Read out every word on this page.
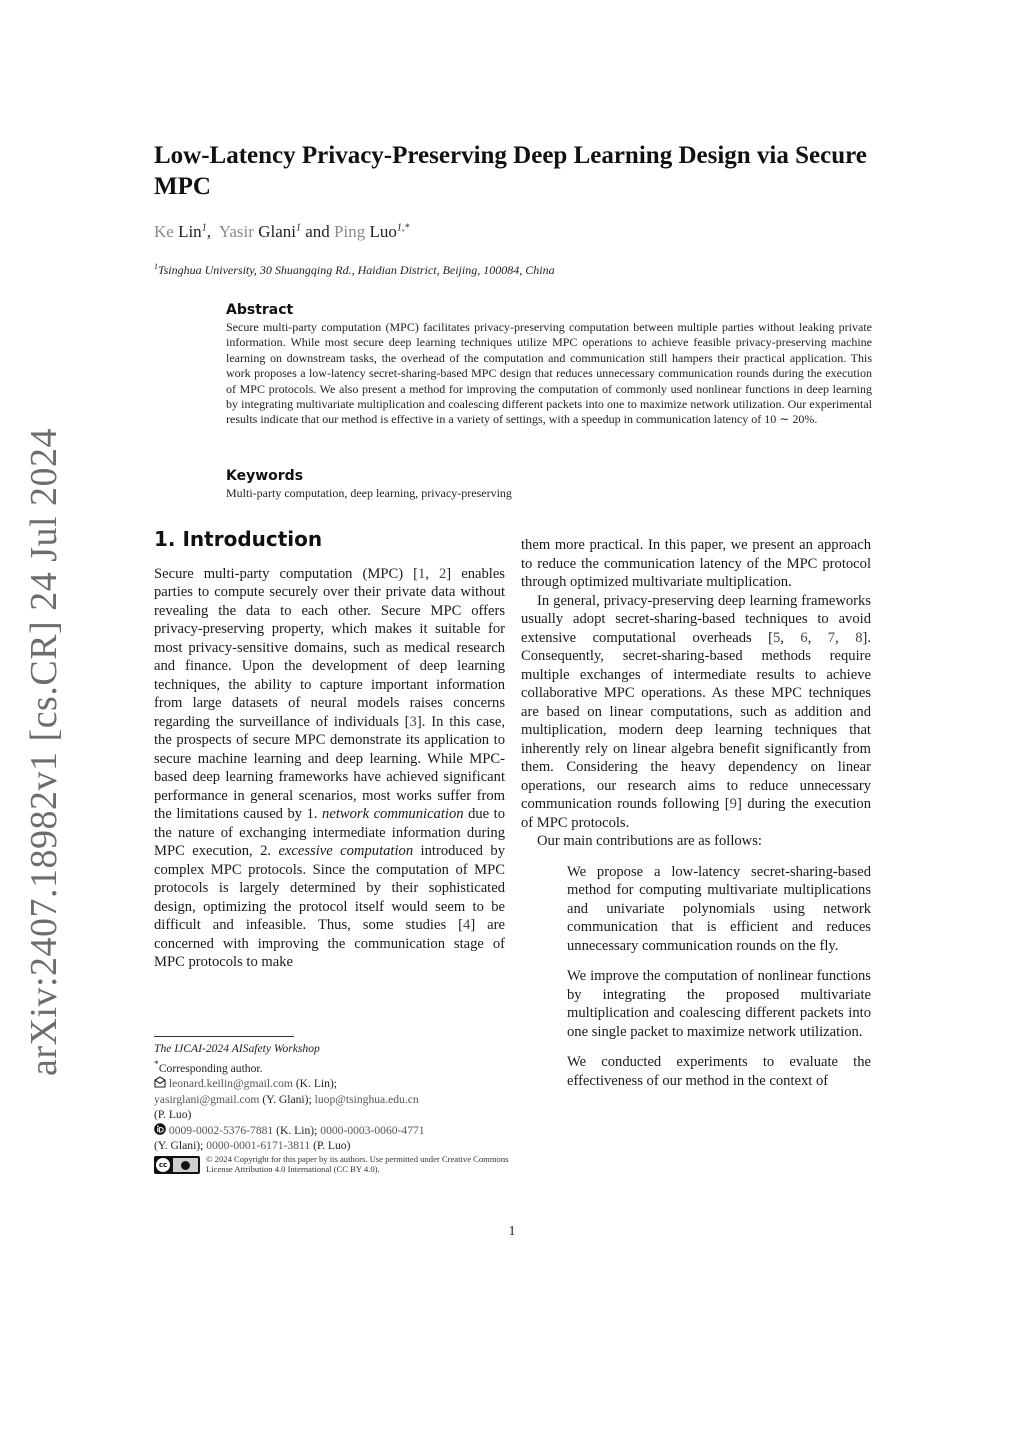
arXiv:2407.18982v1 [cs.CR] 24 Jul 2024
Low-Latency Privacy-Preserving Deep Learning Design via Secure MPC
Ke Lin$^1$, Yasir Glani$^1$ and Ping Luo$^{1,*}$
$^1$Tsinghua University, 30 Shuangqing Rd., Haidian District, Beijing, 100084, China
Abstract
Secure multi-party computation (MPC) facilitates privacy-preserving computation between multiple parties without leaking private information. While most secure deep learning techniques utilize MPC operations to achieve feasible privacy-preserving machine learning on downstream tasks, the overhead of the computation and communication still hampers their practical application. This work proposes a low-latency secret-sharing-based MPC design that reduces unnecessary communication rounds during the execution of MPC protocols. We also present a method for improving the computation of commonly used nonlinear functions in deep learning by integrating multivariate multiplication and coalescing different packets into one to maximize network utilization. Our experimental results indicate that our method is effective in a variety of settings, with a speedup in communication latency of 10 ∼ 20%.
Keywords
Multi-party computation, deep learning, privacy-preserving
1. Introduction

Secure multi-party computation (MPC) [1, 2] enables parties to compute securely over their private data without revealing the data to each other. Secure MPC offers privacy-preserving property, which makes it suitable for most privacy-sensitive domains, such as medical research and finance. Upon the development of deep learning techniques, the ability to capture important information from large datasets of neural models raises concerns regarding the surveillance of individuals [3]. In this case, the prospects of secure MPC demonstrate its application to secure machine learning and deep learning. While MPC-based deep learning frameworks have achieved significant performance in general scenarios, most works suffer from the limitations caused by 1. network communication due to the nature of exchanging intermediate information during MPC execution, 2. excessive computation introduced by complex MPC protocols. Since the computation of MPC protocols is largely determined by their sophisticated design, optimizing the protocol itself would seem to be difficult and infeasible. Thus, some studies [4] are concerned with improving the communication stage of MPC protocols to make

them more practical. In this paper, we present an approach to reduce the communication latency of the MPC protocol through optimized multivariate multiplication.

In general, privacy-preserving deep learning frameworks usually adopt secret-sharing-based techniques to avoid extensive computational overheads [5, 6, 7, 8]. Consequently, secret-sharing-based methods require multiple exchanges of intermediate results to achieve collaborative MPC operations. As these MPC techniques are based on linear computations, such as addition and multiplication, modern deep learning techniques that inherently rely on linear algebra benefit significantly from them. Considering the heavy dependency on linear operations, our research aims to reduce unnecessary communication rounds following [9] during the execution of MPC protocols.

Our main contributions are as follows:

We propose a low-latency secret-sharing-based method for computing multivariate multiplications and univariate polynomials using network communication that is efficient and reduces unnecessary communication rounds on the fly.
We improve the computation of nonlinear functions by integrating the proposed multivariate multiplication and coalescing different packets into one single packet to maximize network utilization.
We conducted experiments to evaluate the effectiveness of our method in the context of
The IJCAI-2024 AISafety Workshop
*Corresponding author.
leonard.keilin@gmail.com (K. Lin);
yasirglani@gmail.com (Y. Glani); luop@tsinghua.edu.cn
(P. Luo)
0009-0002-5376-7881 (K. Lin); 0000-0003-0060-4771
(Y. Glani); 0000-0001-6171-3811 (P. Luo)
cc
© 2024 Copyright for this paper by its authors. Use permitted under Creative Commons License Attribution 4.0 International (CC BY 4.0).
1
